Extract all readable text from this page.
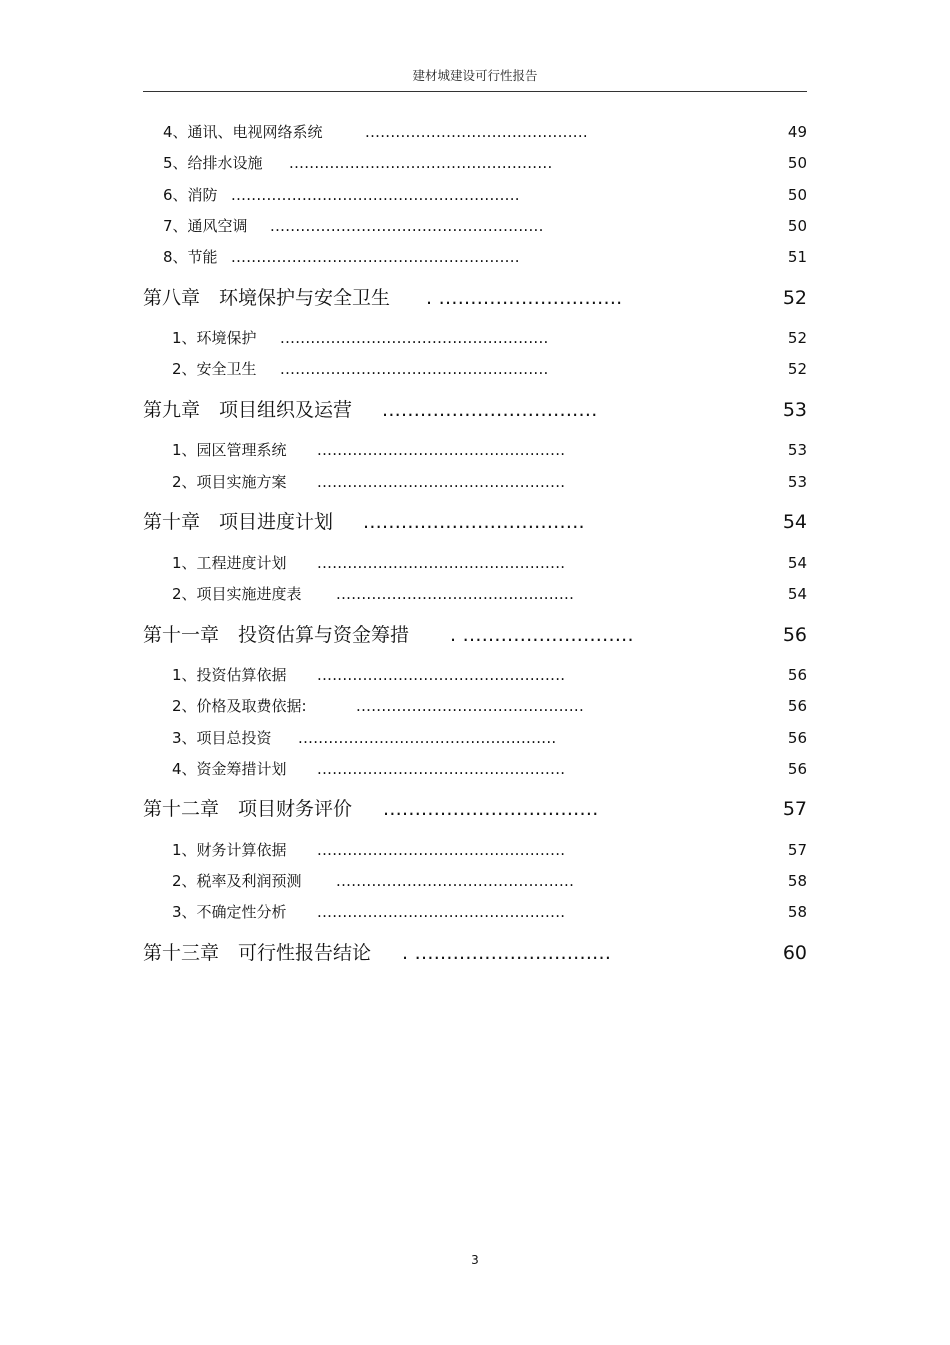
建材城建设可行性报告
4、通讯、电视网络系统	............................................	49
5、给排水设施 ....................................................	50
6、消防 .........................................................	50
7、通风空调 ......................................................	50
8、节能 .........................................................	51
第八章　环境保护与安全卫生 . .............................	52
1、环境保护 .....................................................	52
2、安全卫生 .....................................................	52
第九章　项目组织及运营 ..................................	53
1、园区管理系统 .................................................	53
2、项目实施方案 .................................................	53
第十章　项目进度计划 ...................................	54
1、工程进度计划 .................................................	54
2、项目实施进度表 ...............................................	54
第十一章　投资估算与资金筹措 . ...........................	56
1、投资估算依据 .................................................	56
2、价格及取费依据:	.............................................	56
3、项目总投资 ...................................................	56
4、资金筹措计划 .................................................	56
第十二章　项目财务评价 ..................................	57
1、财务计算依据 .................................................	57
2、税率及利润预测 ...............................................	58
3、不确定性分析 .................................................	58
第十三章　可行性报告结论 . ...............................	60
3
